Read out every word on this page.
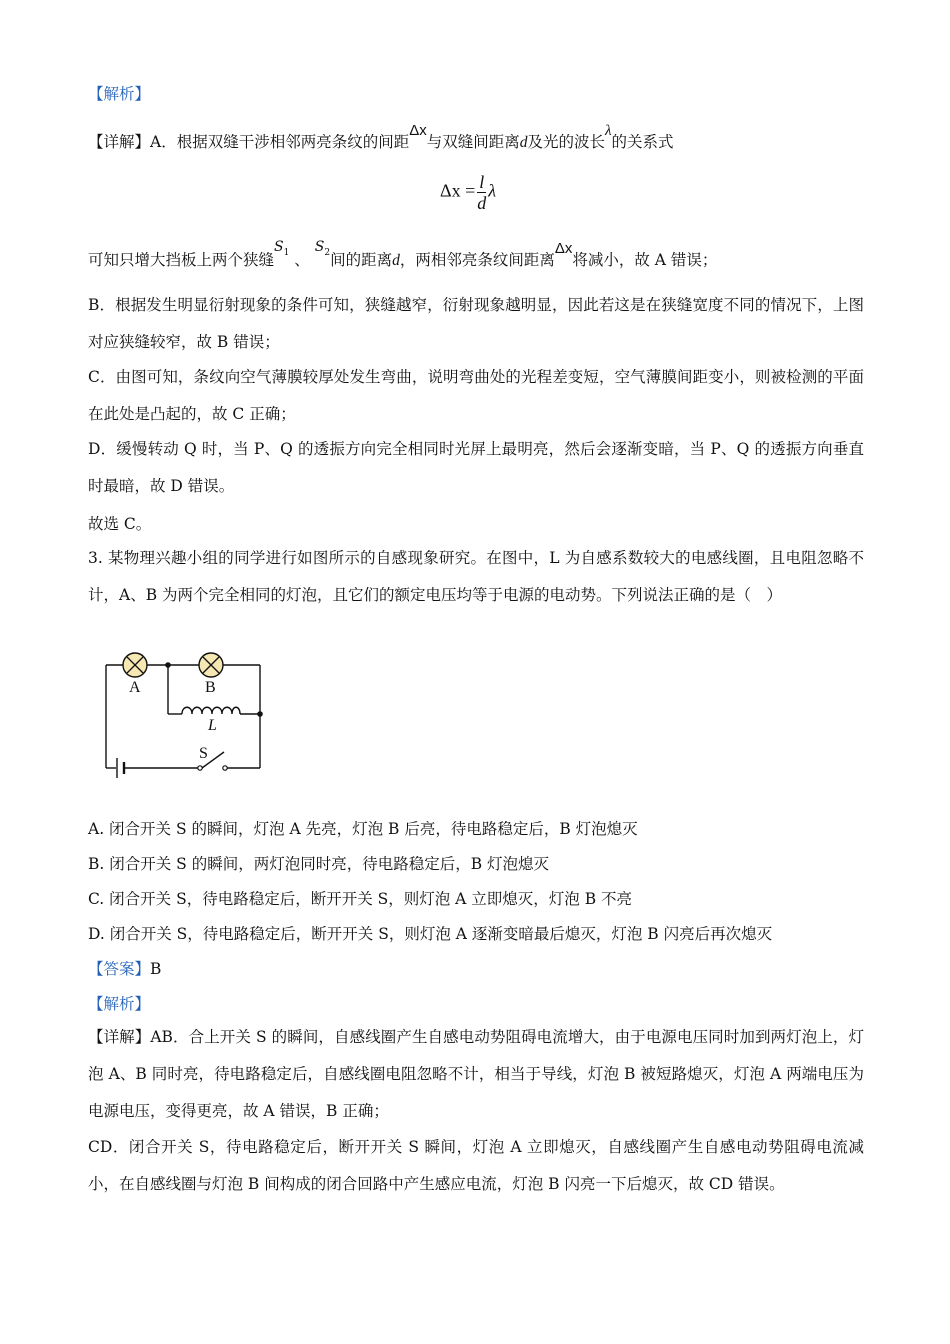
【解析】
【详解】A．根据双缝干涉相邻两亮条纹的间距Δx与双缝间距离d及光的波长λ的关系式
$\Delta x = \frac{l}{d}$ λ
可知只增大挡板上两个狭缝$S_1$ 、 $S_2$间的距离d，两相邻亮条纹间距离Δx将减小，故 A 错误；
B．根据发生明显衍射现象的条件可知，狭缝越窄，衍射现象越明显，因此若这是在狭缝宽度不同的情况下，上图对应狭缝较窄，故 B 错误；
C．由图可知，条纹向空气薄膜较厚处发生弯曲，说明弯曲处的光程差变短，空气薄膜间距变小，则被检测的平面在此处是凸起的，故 C 正确；
D．缓慢转动 Q 时，当 P、Q 的透振方向完全相同时光屏上最明亮，然后会逐渐变暗，当 P、Q 的透振方向垂直时最暗，故 D 错误。
故选 C。
3. 某物理兴趣小组的同学进行如图所示的自感现象研究。在图中，L 为自感系数较大的电感线圈，且电阻忽略不计，A、B 为两个完全相同的灯泡，且它们的额定电压均等于电源的电动势。下列说法正确的是（　）
A	B
L
S
A. 闭合开关 S 的瞬间，灯泡 A 先亮，灯泡 B 后亮，待电路稳定后，B 灯泡熄灭
B. 闭合开关 S 的瞬间，两灯泡同时亮，待电路稳定后，B 灯泡熄灭
C. 闭合开关 S，待电路稳定后，断开开关 S，则灯泡 A 立即熄灭，灯泡 B 不亮
D. 闭合开关 S，待电路稳定后，断开开关 S，则灯泡 A 逐渐变暗最后熄灭，灯泡 B 闪亮后再次熄灭
【答案】B
【解析】
【详解】AB．合上开关 S 的瞬间，自感线圈产生自感电动势阻碍电流增大，由于电源电压同时加到两灯泡上，灯泡 A、B 同时亮，待电路稳定后，自感线圈电阻忽略不计，相当于导线，灯泡 B 被短路熄灭，灯泡 A 两端电压为电源电压，变得更亮，故 A 错误，B 正确；
CD．闭合开关 S，待电路稳定后，断开开关 S 瞬间，灯泡 A 立即熄灭，自感线圈产生自感电动势阻碍电流减小，在自感线圈与灯泡 B 间构成的闭合回路中产生感应电流，灯泡 B 闪亮一下后熄灭，故 CD 错误。
